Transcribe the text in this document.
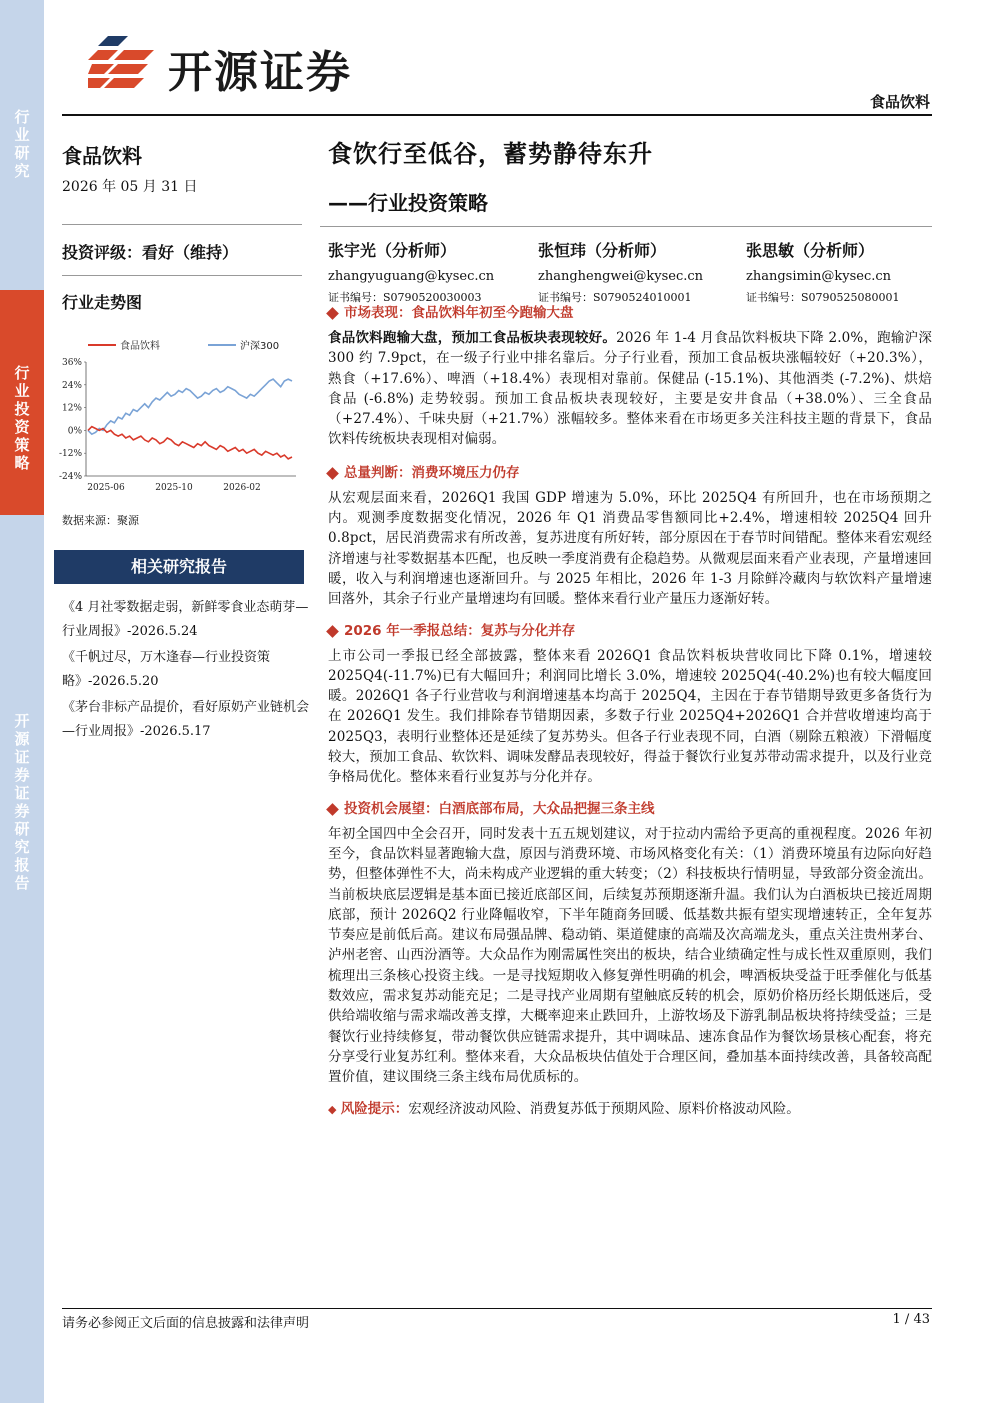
行业研究
行业投资策略
开源证券 证券研究报告
开源证券
食品饮料
食品饮料
2026 年 05 月 31 日
投资评级：看好（维持）
行业走势图
36%
24%
12%
0%
-12%
-24%
2025-06	2025-10	2026-02
食品饮料	沪深300
数据来源：聚源
相关研究报告
《4 月社零数据走弱，新鲜零食业态萌芽—行业周报》-2026.5.24
《千帆过尽，万木逢春—行业投资策略》-2026.5.20
《茅台非标产品提价，看好原奶产业链机会—行业周报》-2026.5.17
食饮行至低谷，蓄势静待东升
——行业投资策略
张宇光（分析师）
zhangyuguang@kysec.cn
证书编号：S0790520030003
张恒玮（分析师）
zhanghengwei@kysec.cn
证书编号：S0790524010001
张思敏（分析师）
zhangsimin@kysec.cn
证书编号：S0790525080001
市场表现：食品饮料年初至今跑输大盘
食品饮料跑输大盘，预加工食品板块表现较好。2026 年 1-4 月食品饮料板块下降 2.0%，跑输沪深 300 约 7.9pct，在一级子行业中排名靠后。分子行业看，预加工食品板块涨幅较好（+20.3%），熟食（+17.6%）、啤酒（+18.4%）表现相对靠前。保健品 (-15.1%)、其他酒类 (-7.2%)、烘焙食品 (-6.8%) 走势较弱。预加工食品板块表现较好，主要是安井食品（+38.0%）、三全食品（+27.4%）、千味央厨（+21.7%）涨幅较多。整体来看在市场更多关注科技主题的背景下，食品饮料传统板块表现相对偏弱。
总量判断：消费环境压力仍存
从宏观层面来看，2026Q1 我国 GDP 增速为 5.0%，环比 2025Q4 有所回升，也在市场预期之内。观测季度数据变化情况，2026 年 Q1 消费品零售额同比+2.4%，增速相较 2025Q4 回升 0.8pct，居民消费需求有所改善，复苏进度有所好转，部分原因在于春节时间错配。整体来看宏观经济增速与社零数据基本匹配，也反映一季度消费有企稳趋势。从微观层面来看产业表现，产量增速回暖，收入与利润增速也逐渐回升。与 2025 年相比，2026 年 1-3 月除鲜冷藏肉与软饮料产量增速回落外，其余子行业产量增速均有回暖。整体来看行业产量压力逐渐好转。
2026 年一季报总结：复苏与分化并存
上市公司一季报已经全部披露，整体来看 2026Q1 食品饮料板块营收同比下降 0.1%，增速较 2025Q4(-11.7%)已有大幅回升；利润同比增长 3.0%，增速较 2025Q4(-40.2%)也有较大幅度回暖。2026Q1 各子行业营收与利润增速基本均高于 2025Q4，主因在于春节错期导致更多备货行为在 2026Q1 发生。我们排除春节错期因素，多数子行业 2025Q4+2026Q1 合并营收增速均高于 2025Q3，表明行业整体还是延续了复苏势头。但各子行业表现不同，白酒（剔除五粮液）下滑幅度较大，预加工食品、软饮料、调味发酵品表现较好，得益于餐饮行业复苏带动需求提升，以及行业竞争格局优化。整体来看行业复苏与分化并存。
投资机会展望：白酒底部布局，大众品把握三条主线
年初全国四中全会召开，同时发表十五五规划建议，对于拉动内需给予更高的重视程度。2026 年初至今，食品饮料显著跑输大盘，原因与消费环境、市场风格变化有关：（1）消费环境虽有边际向好趋势，但整体弹性不大，尚未构成产业逻辑的重大转变；（2）科技板块行情明显，导致部分资金流出。当前板块底层逻辑是基本面已接近底部区间，后续复苏预期逐渐升温。我们认为白酒板块已接近周期底部，预计 2026Q2 行业降幅收窄，下半年随商务回暖、低基数共振有望实现增速转正，全年复苏节奏应是前低后高。建议布局强品牌、稳动销、渠道健康的高端及次高端龙头，重点关注贵州茅台、泸州老窖、山西汾酒等。大众品作为刚需属性突出的板块，结合业绩确定性与成长性双重原则，我们梳理出三条核心投资主线。一是寻找短期收入修复弹性明确的机会，啤酒板块受益于旺季催化与低基数效应，需求复苏动能充足；二是寻找产业周期有望触底反转的机会，原奶价格历经长期低迷后，受供给端收缩与需求端改善支撑，大概率迎来止跌回升，上游牧场及下游乳制品板块将持续受益；三是餐饮行业持续修复，带动餐饮供应链需求提升，其中调味品、速冻食品作为餐饮场景核心配套，将充分享受行业复苏红利。整体来看，大众品板块估值处于合理区间，叠加基本面持续改善，具备较高配置价值，建议围绕三条主线布局优质标的。
◆ 风险提示：宏观经济波动风险、消费复苏低于预期风险、原料价格波动风险。
请务必参阅正文后面的信息披露和法律声明	1 / 43
